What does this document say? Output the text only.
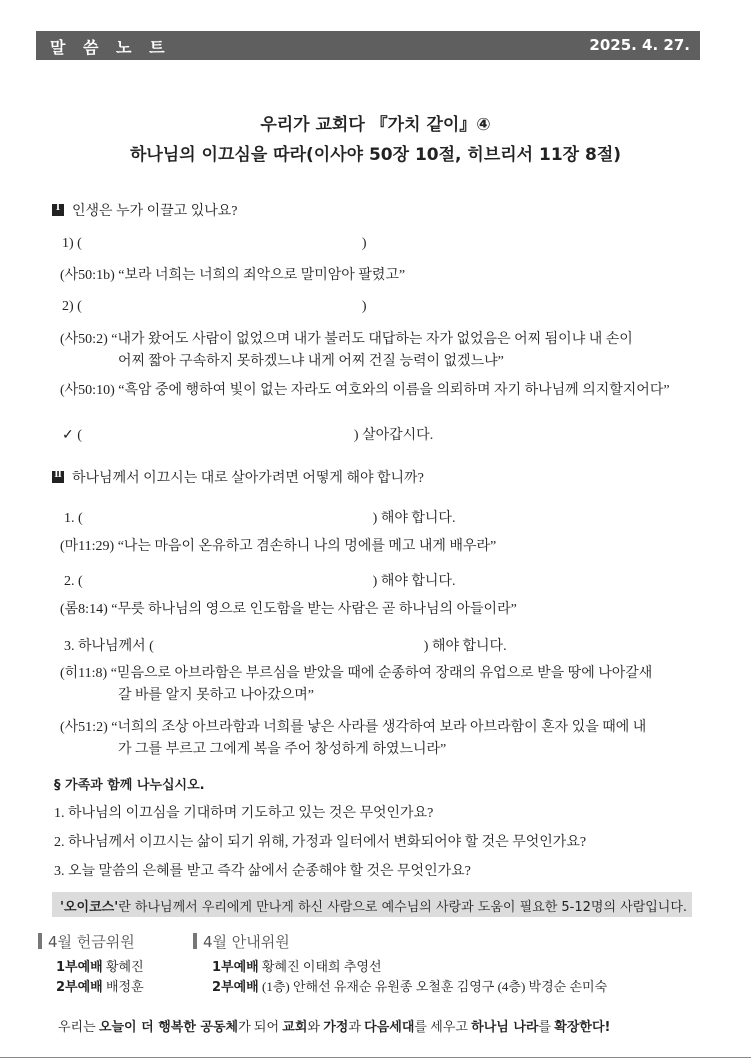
말 씀 노 트	2025. 4. 27.
우리가 교회다 『가치 같이』④
하나님의 이끄심을 따라(이사야 50장 10절, 히브리서 11장 8절)
Ⅰ 인생은 누가 이끌고 있나요?
1) (	)
(사50:1b) “보라 너희는 너희의 죄악으로 말미암아 팔렸고”
2) (	)
(사50:2) “내가 왔어도 사람이 없었으며 내가 불러도 대답하는 자가 없었음은 어찌 됨이냐 내 손이
어찌 짧아 구속하지 못하겠느냐 내게 어찌 건질 능력이 없겠느냐”
(사50:10) “흑암 중에 행하여 빛이 없는 자라도 여호와의 이름을 의뢰하며 자기 하나님께 의지할지어다”
✓ (	) 살아갑시다.
Ⅱ 하나님께서 이끄시는 대로 살아가려면 어떻게 해야 합니까?
1. (	) 해야 합니다.
(마11:29) “나는 마음이 온유하고 겸손하니 나의 멍에를 메고 내게 배우라”
2. (	) 해야 합니다.
(롬8:14) “무릇 하나님의 영으로 인도함을 받는 사람은 곧 하나님의 아들이라”
3. 하나님께서 (	) 해야 합니다.
(히11:8) “믿음으로 아브라함은 부르심을 받았을 때에 순종하여 장래의 유업으로 받을 땅에 나아갈새
갈 바를 알지 못하고 나아갔으며”
(사51:2) “너희의 조상 아브라함과 너희를 낳은 사라를 생각하여 보라 아브라함이 혼자 있을 때에 내
가 그를 부르고 그에게 복을 주어 창성하게 하였느니라”
§ 가족과 함께 나누십시오.
1. 하나님의 이끄심을 기대하며 기도하고 있는 것은 무엇인가요?
2. 하나님께서 이끄시는 삶이 되기 위해, 가정과 일터에서 변화되어야 할 것은 무엇인가요?
3. 오늘 말씀의 은혜를 받고 즉각 삶에서 순종해야 할 것은 무엇인가요?
'오이코스'란 하나님께서 우리에게 만나게 하신 사람으로 예수님의 사랑과 도움이 필요한 5-12명의 사람입니다.
4월 헌금위원
1부예배 황혜진
2부예배 배정훈
4월 안내위원
1부예배 황혜진 이태희 추영선
2부예배 (1층) 안해선 유재순 유원종 오철훈 김영구 (4층) 박경순 손미숙
우리는 오늘이 더 행복한 공동체가 되어 교회와 가정과 다음세대를 세우고 하나님 나라를 확장한다!
